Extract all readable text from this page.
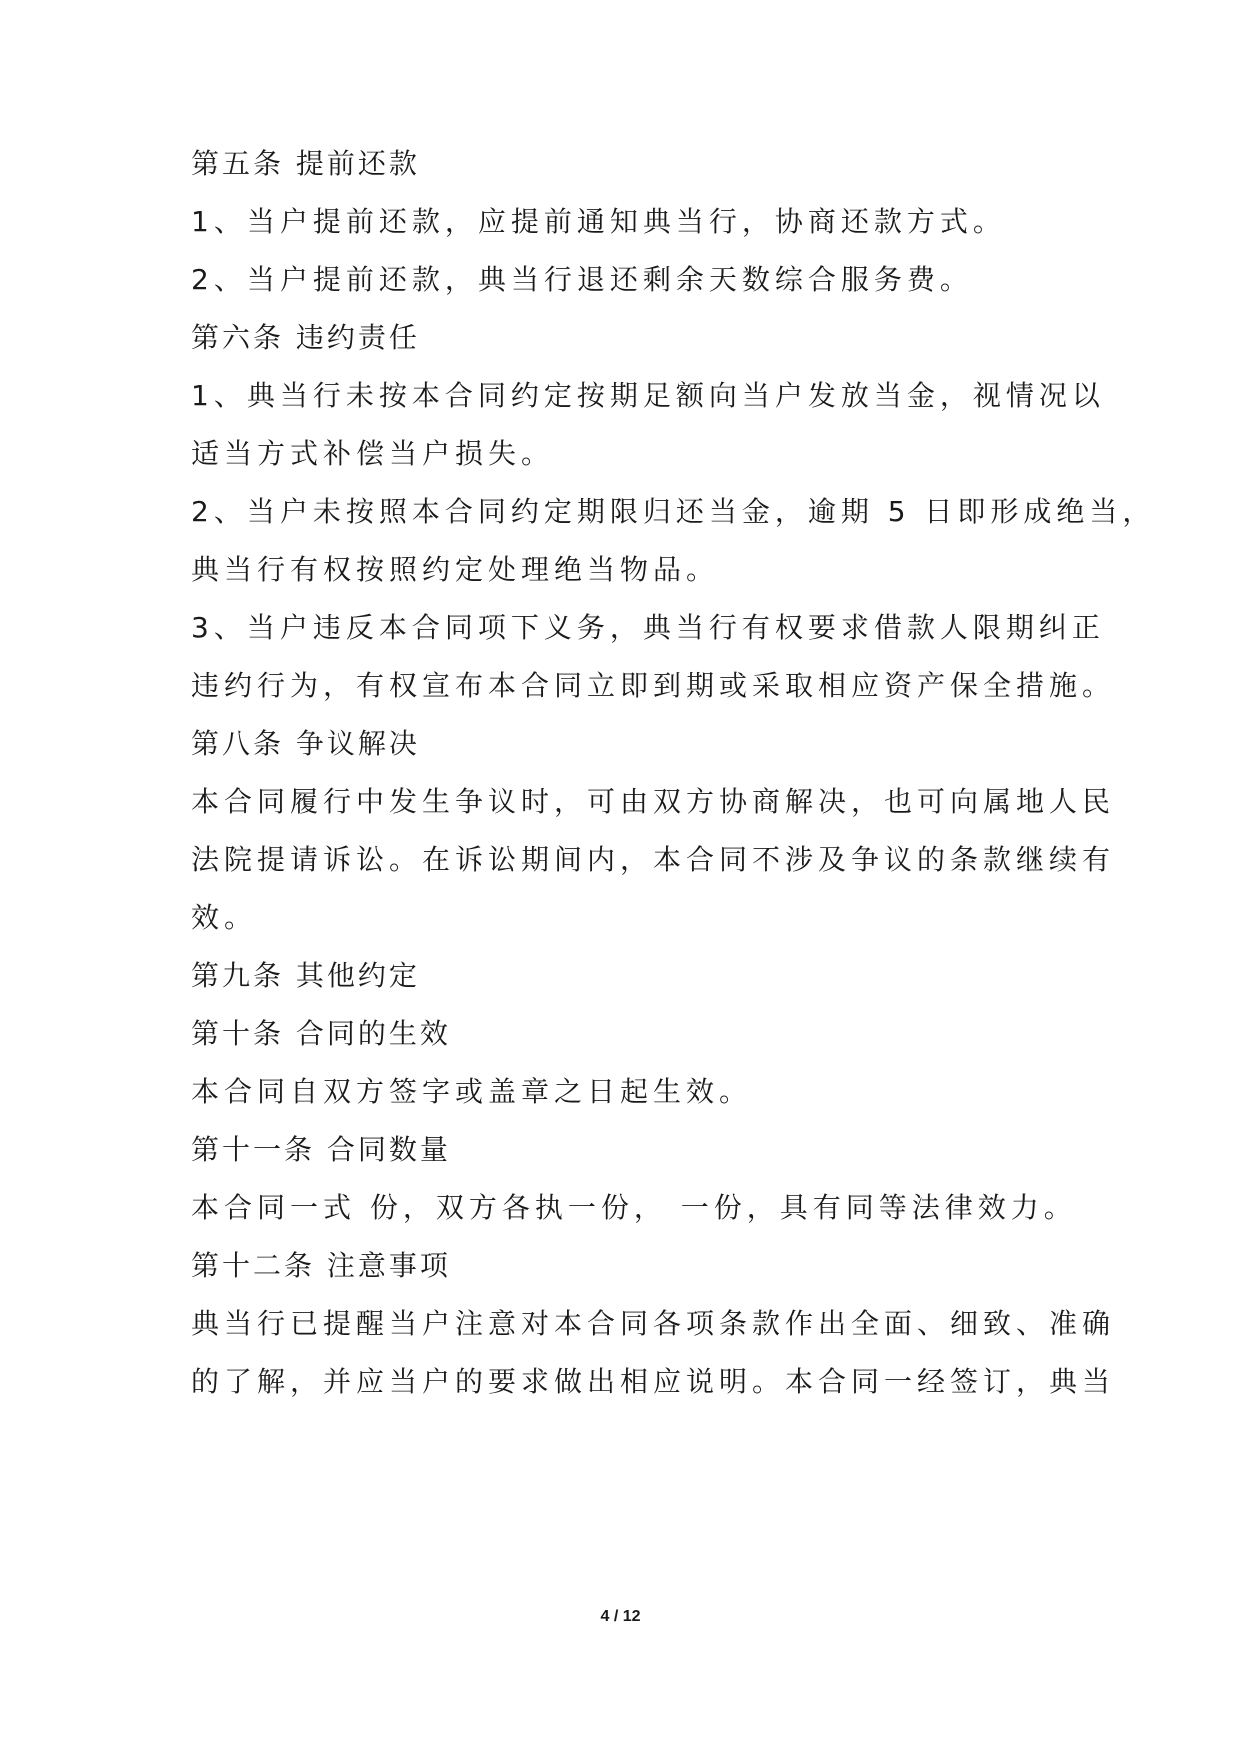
第五条 提前还款
1、当户提前还款，应提前通知典当行，协商还款方式。
2、当户提前还款，典当行退还剩余天数综合服务费。
第六条 违约责任
1、典当行未按本合同约定按期足额向当户发放当金，视情况以
适当方式补偿当户损失。
2、当户未按照本合同约定期限归还当金，逾期 5 日即形成绝当，
典当行有权按照约定处理绝当物品。
3、当户违反本合同项下义务，典当行有权要求借款人限期纠正
违约行为，有权宣布本合同立即到期或采取相应资产保全措施。
第八条 争议解决
本合同履行中发生争议时，可由双方协商解决，也可向属地人民
法院提请诉讼。在诉讼期间内，本合同不涉及争议的条款继续有
效。
第九条 其他约定
第十条 合同的生效
本合同自双方签字或盖章之日起生效。
第十一条 合同数量
本合同一式 份，双方各执一份， 一份，具有同等法律效力。
第十二条 注意事项
典当行已提醒当户注意对本合同各项条款作出全面、细致、准确
的了解，并应当户的要求做出相应说明。本合同一经签订，典当
4 / 12
